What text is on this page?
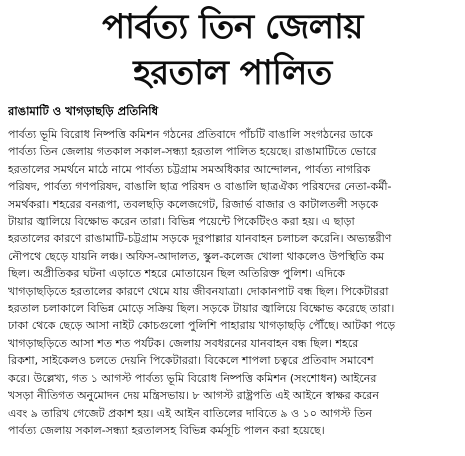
পার্বত্য তিন জেলায়
হরতাল পালিত
রাঙামাটি ও খাগড়াছড়ি প্রতিনিধি
পার্বত্য ভূমি বিরোধ নিষ্পত্তি কমিশন গঠনের প্রতিবাদে পাঁচটি বাঙালি সংগঠনের ডাকে
পার্বত্য তিন জেলায় গতকাল সকাল-সন্ধ্যা হরতাল পালিত হয়েছে। রাঙামাটিতে ভোরে
হরতালের সমর্থনে মাঠে নামে পার্বত্য চট্টগ্রাম সমঅধিকার আন্দোলন, পার্বত্য নাগরিক
পরিষদ, পার্বত্য গণপরিষদ, বাঙালি ছাত্র পরিষদ ও বাঙালি ছাত্রঐক্য পরিষদের নেতা-কর্মী-
সমর্থকরা। শহরের বনরূপা, তবলছড়ি কলেজগেট, রিজার্ভ বাজার ও কাটালতলী সড়কে
টায়ার জ্বালিয়ে বিক্ষোভ করেন তারা। বিভিন্ন পয়েন্টে পিকেটিংও করা হয়। এ ছাড়া
হরতালের কারণে রাঙামাটি-চট্টগ্রাম সড়কে দূরপাল্লার যানবাহন চলাচল করেনি। অভ্যন্তরীণ
নৌপথে ছেড়ে যায়নি লঞ্চ। অফিস-আদালত, স্কুল-কলেজ খোলা থাকলেও উপস্থিতি কম
ছিল। অপ্রীতিকর ঘটনা এড়াতে শহরে মোতায়েন ছিল অতিরিক্ত পুলিশ। এদিকে
খাগড়াছড়িতে হরতালের কারণে থেমে যায় জীবনযাত্রা। দোকানপাট বন্ধ ছিল। পিকেটাররা
হরতাল চলাকালে বিভিন্ন মোড়ে সক্রিয় ছিল। সড়কে টায়ার জ্বালিয়ে বিক্ষোভ করেছে তারা।
ঢাকা থেকে ছেড়ে আসা নাইট কোচগুলো পুলিশি পাহারায় খাগড়াছড়ি পৌঁছে। আটকা পড়ে
খাগড়াছড়িতে আসা শত শত পর্যটক। জেলায় সবধরনের যানবাহন বন্ধ ছিল। শহরে
রিকশা, সাইকেলও চলতে দেয়নি পিকেটাররা। বিকেলে শাপলা চত্বরে প্রতিবাদ সমাবেশ
করে। উল্লেখ্য, গত ১ আগস্ট পার্বত্য ভূমি বিরোধ নিষ্পত্তি কমিশন (সংশোধন) আইনের
খসড়া নীতিগত অনুমোদন দেয় মন্ত্রিসভায়। ৮ আগস্ট রাষ্ট্রপতি এই আইনে স্বাক্ষর করেন
এবং ৯ তারিখ গেজেট প্রকাশ হয়। এই আইন বাতিলের দাবিতে ৯ ও ১০ আগস্ট তিন
পার্বত্য জেলায় সকাল-সন্ধ্যা হরতালসহ বিভিন্ন কর্মসূচি পালন করা হয়েছে।
